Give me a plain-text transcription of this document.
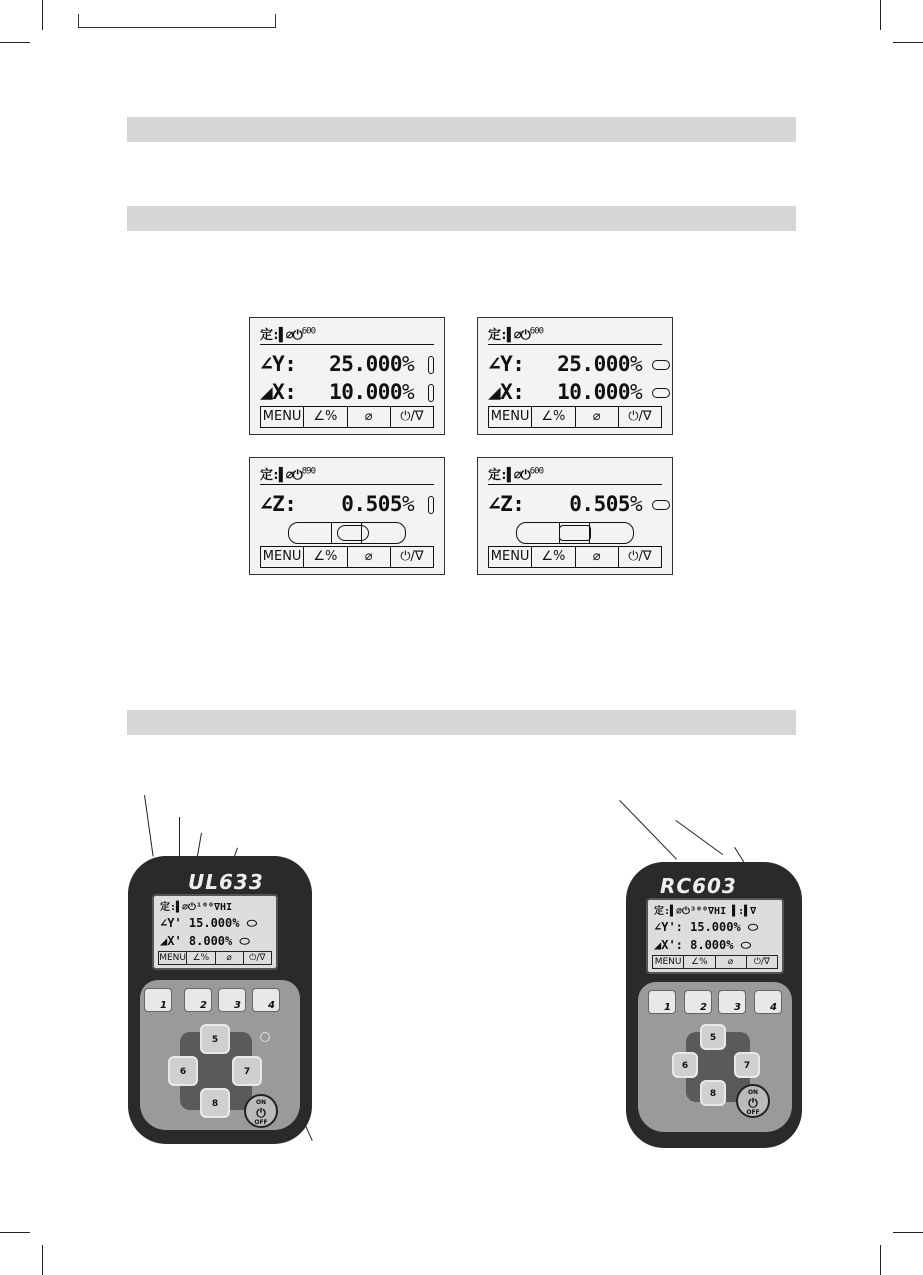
定:▌⌀⏻$^{600}$
∠Y: 25.000%
◢X: 10.000%
MENU ∠%	⌀	⏻/∇
定:▌⌀⏻$^{600}$
∠Y: 25.000%
◢X: 10.000%
MENU ∠%	⌀	⏻/∇
定:▌⌀⏻$^{890}$
∠Z: 0.505%
MENU ∠%	⌀	⏻/∇
定:▌⌀⏻$^{600}$
∠Z: 0.505%
MENU ∠%	⌀	⏻/∇
UL633
定:▌⌀⏻¹⁰⁰∇HI
∠Y' 15.000% ⬭
◢X' 8.000% ⬭
MENU ∠%	⌀	⏻/∇
1	2	3	4
5
6	7
8	ON
⏻
OFF
RC603
定:▌⌀⏻³⁰⁰∇HI ▌:▌∇
∠Y': 15.000% ⬭
◢X': 8.000% ⬭
MENU	∠%	⌀	⏻/∇
1	2	3	4
5
6	7
8	ON
⏻
OFF
